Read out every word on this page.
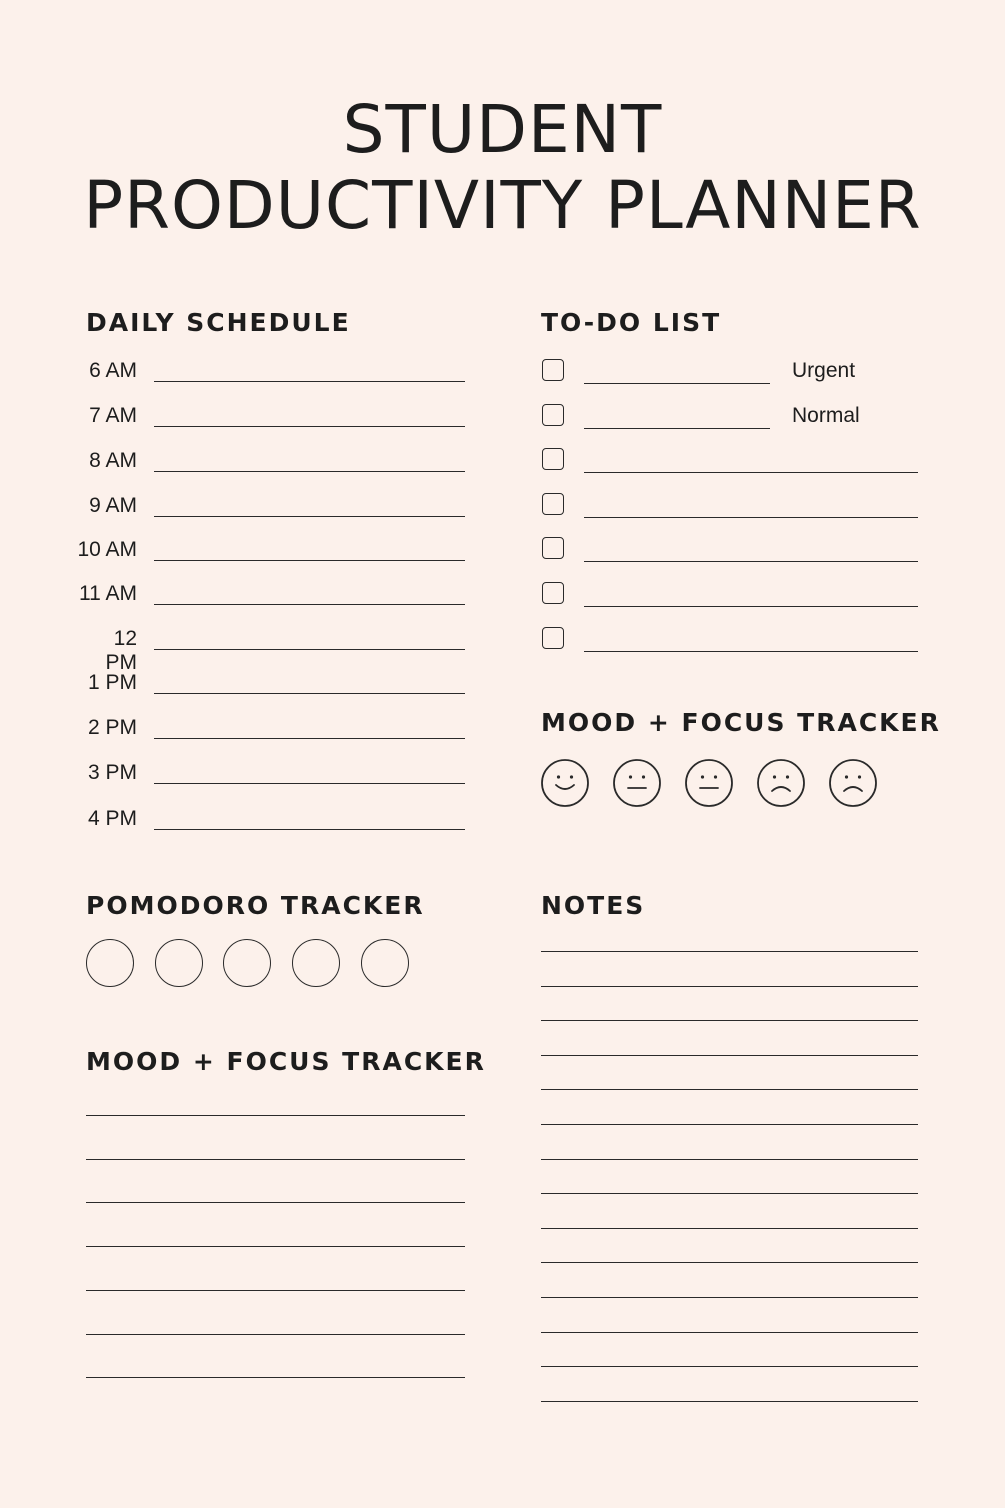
STUDENT
PRODUCTIVITY PLANNER
DAILY SCHEDULE
6 AM
7 AM
8 AM
9 AM
10 AM
11 AM
12 PM
1 PM
2 PM
3 PM
4 PM
TO-DO LIST
Urgent
Normal
MOOD + FOCUS TRACKER
POMODORO TRACKER	NOTES
MOOD + FOCUS TRACKER
